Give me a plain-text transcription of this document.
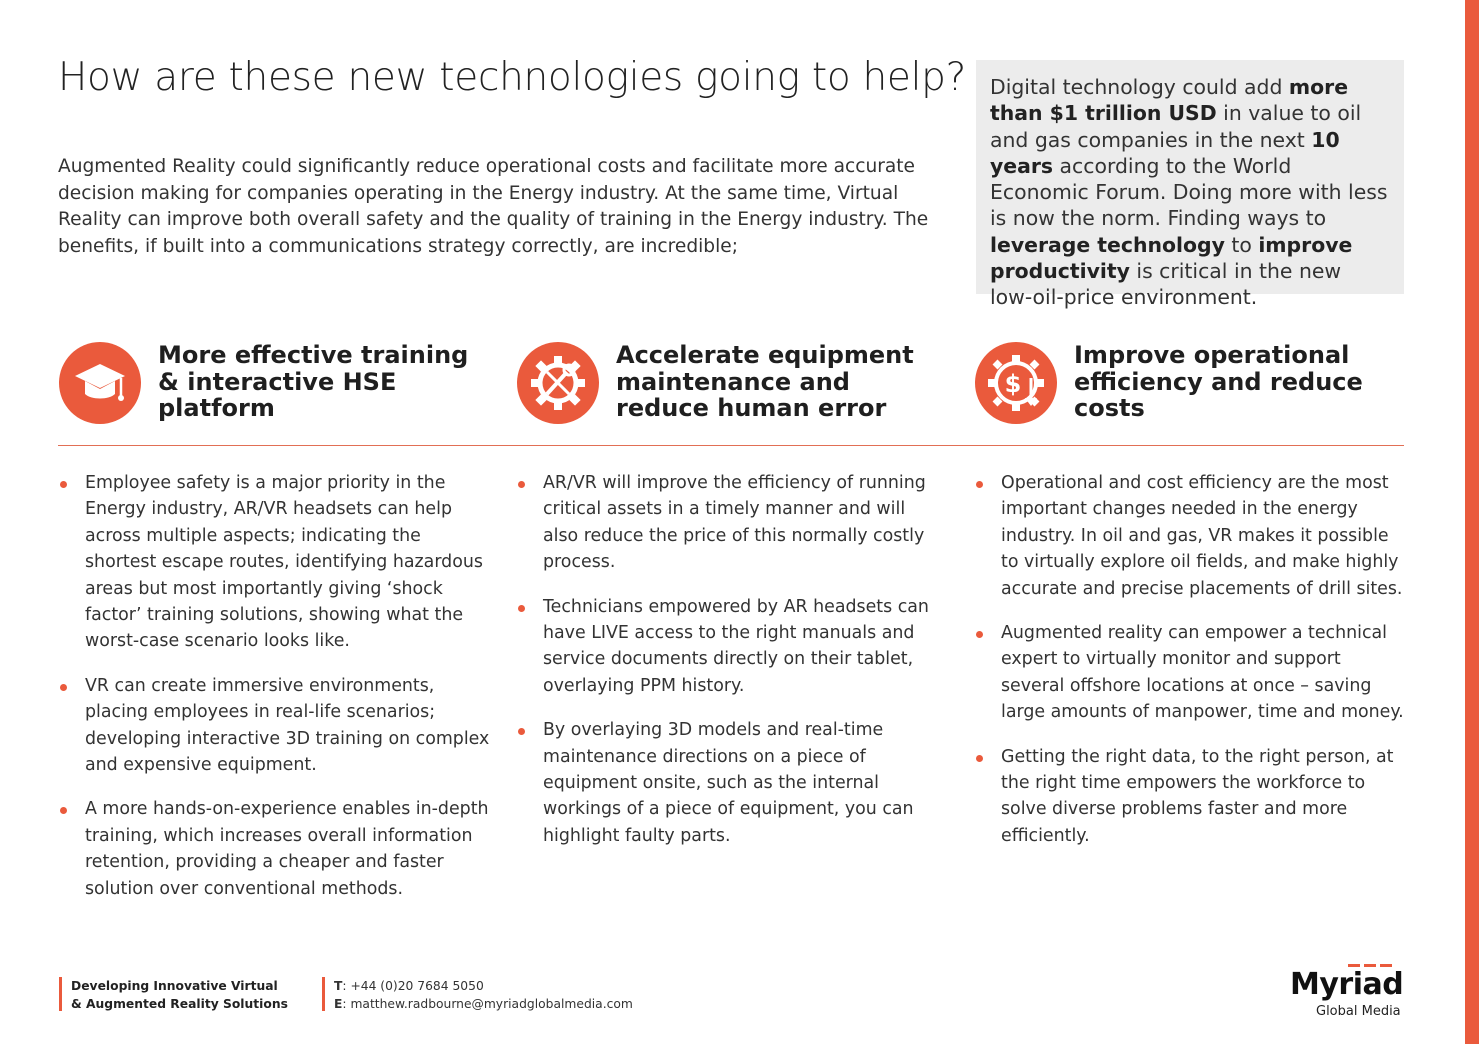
How are these new technologies going to help?

Augmented Reality could significantly reduce operational costs and facilitate more accurate decision making for companies operating in the Energy industry. At the same time, Virtual Reality can improve both overall safety and the quality of training in the Energy industry. The benefits, if built into a communications strategy correctly, are incredible;

Digital technology could add more than $1 trillion USD in value to oil and gas companies in the next 10 years according to the World Economic Forum. Doing more with less is now the norm. Finding ways to leverage technology to improve productivity is critical in the new low-oil-price environment.
More effective training & interactive HSE platform
Accelerate equipment maintenance and reduce human error
$
Improve operational efficiency and reduce costs
Employee safety is a major priority in the Energy industry, AR/VR headsets can help across multiple aspects; indicating the shortest escape routes, identifying hazardous areas but most importantly giving ‘shock factor’ training solutions, showing what the worst-case scenario looks like.
VR can create immersive environments, placing employees in real-life scenarios; developing interactive 3D training on complex and expensive equipment.
A more hands-on-experience enables in-depth training, which increases overall information retention, providing a cheaper and faster solution over conventional methods.
AR/VR will improve the efficiency of running critical assets in a timely manner and will also reduce the price of this normally costly process.
Technicians empowered by AR headsets can have LIVE access to the right manuals and service documents directly on their tablet, overlaying PPM history.
By overlaying 3D models and real-time maintenance directions on a piece of equipment onsite, such as the internal workings of a piece of equipment, you can highlight faulty parts.
Operational and cost efficiency are the most important changes needed in the energy industry. In oil and gas, VR makes it possible to virtually explore oil fields, and make highly accurate and precise placements of drill sites.
Augmented reality can empower a technical expert to virtually monitor and support several offshore locations at once – saving large amounts of manpower, time and money.
Getting the right data, to the right person, at the right time empowers the workforce to solve diverse problems faster and more efficiently.
Developing Innovative Virtual
& Augmented Reality Solutions
T: +44 (0)20 7684 5050
E: matthew.radbourne@myriadglobalmedia.com
Myriad
Global Media
